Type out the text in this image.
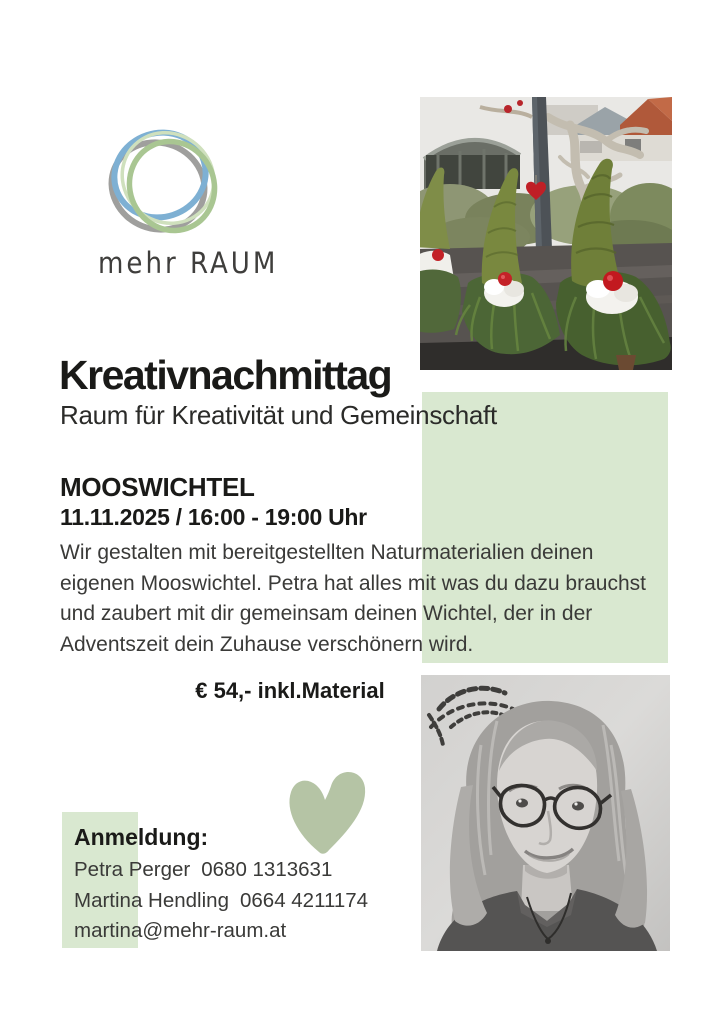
mehr RAUM
Kreativnachmittag
Raum für Kreativität und Gemeinschaft
MOOSWICHTEL
11.11.2025 / 16:00 - 19:00 Uhr
Wir gestalten mit bereitgestellten Naturmaterialien deinen
eigenen Mooswichtel. Petra hat alles mit was du dazu brauchst
und zaubert mit dir gemeinsam deinen Wichtel, der in der
Adventszeit dein Zuhause verschönern wird.
€ 54,- inkl.Material
Anmeldung:
Petra Perger 0680 1313631
Martina Hendling 0664 4211174
martina@mehr-raum.at
